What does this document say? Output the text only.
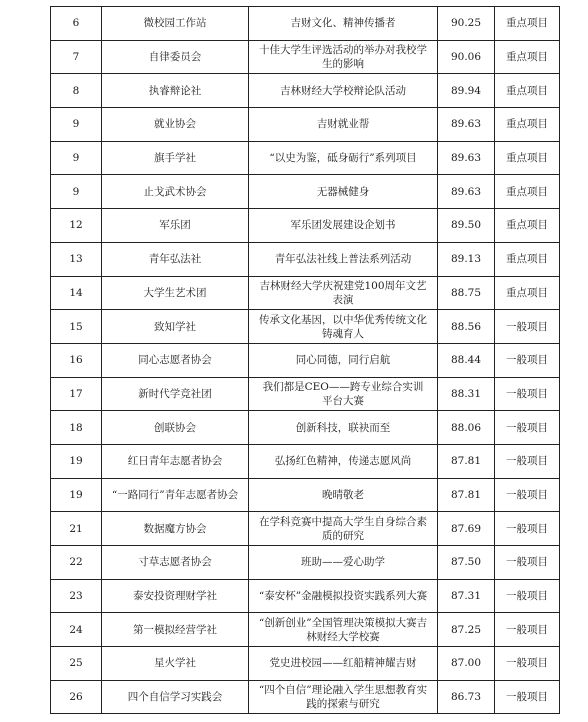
6	微校园工作站	吉财文化、精神传播者	90.25	重点项目
7	自律委员会	十佳大学生评选活动的举办对我校学生的影响	90.06	重点项目
8	执睿辩论社	吉林财经大学校辩论队活动	89.94	重点项目
9	就业协会	吉财就业帮	89.63	重点项目
9	旗手学社	“以史为鉴，砥身砺行”系列项目	89.63	重点项目
9	止戈武术协会	无器械健身	89.63	重点项目
12	军乐团	军乐团发展建设企划书	89.50	重点项目
13	青年弘法社	青年弘法社线上普法系列活动	89.13	重点项目
14	大学生艺术团	吉林财经大学庆祝建党100周年文艺表演	88.75	重点项目
15	致知学社	传承文化基因，以中华优秀传统文化铸魂育人	88.56	一般项目
16	同心志愿者协会	同心同德，同行启航	88.44	一般项目
17	新时代学竞社团	我们都是CEO——跨专业综合实训平台大赛	88.31	一般项目
18	创联协会	创新科技，联袂而至	88.06	一般项目
19	红日青年志愿者协会	弘扬红色精神，传递志愿风尚	87.81	一般项目
19	“一路同行”青年志愿者协会	晚晴敬老	87.81	一般项目
21	数据魔方协会	在学科竞赛中提高大学生自身综合素质的研究	87.69	一般项目
22	寸草志愿者协会	班助——爱心助学	87.50	一般项目
23	泰安投资理财学社	“泰安杯”金融模拟投资实践系列大赛	87.31	一般项目
24	第一模拟经营学社	“创新创业”全国管理决策模拟大赛吉林财经大学校赛	87.25	一般项目
25	星火学社	党史进校园——红船精神耀吉财	87.00	一般项目
26	四个自信学习实践会	“四个自信”理论融入学生思想教育实践的探索与研究	86.73	一般项目
